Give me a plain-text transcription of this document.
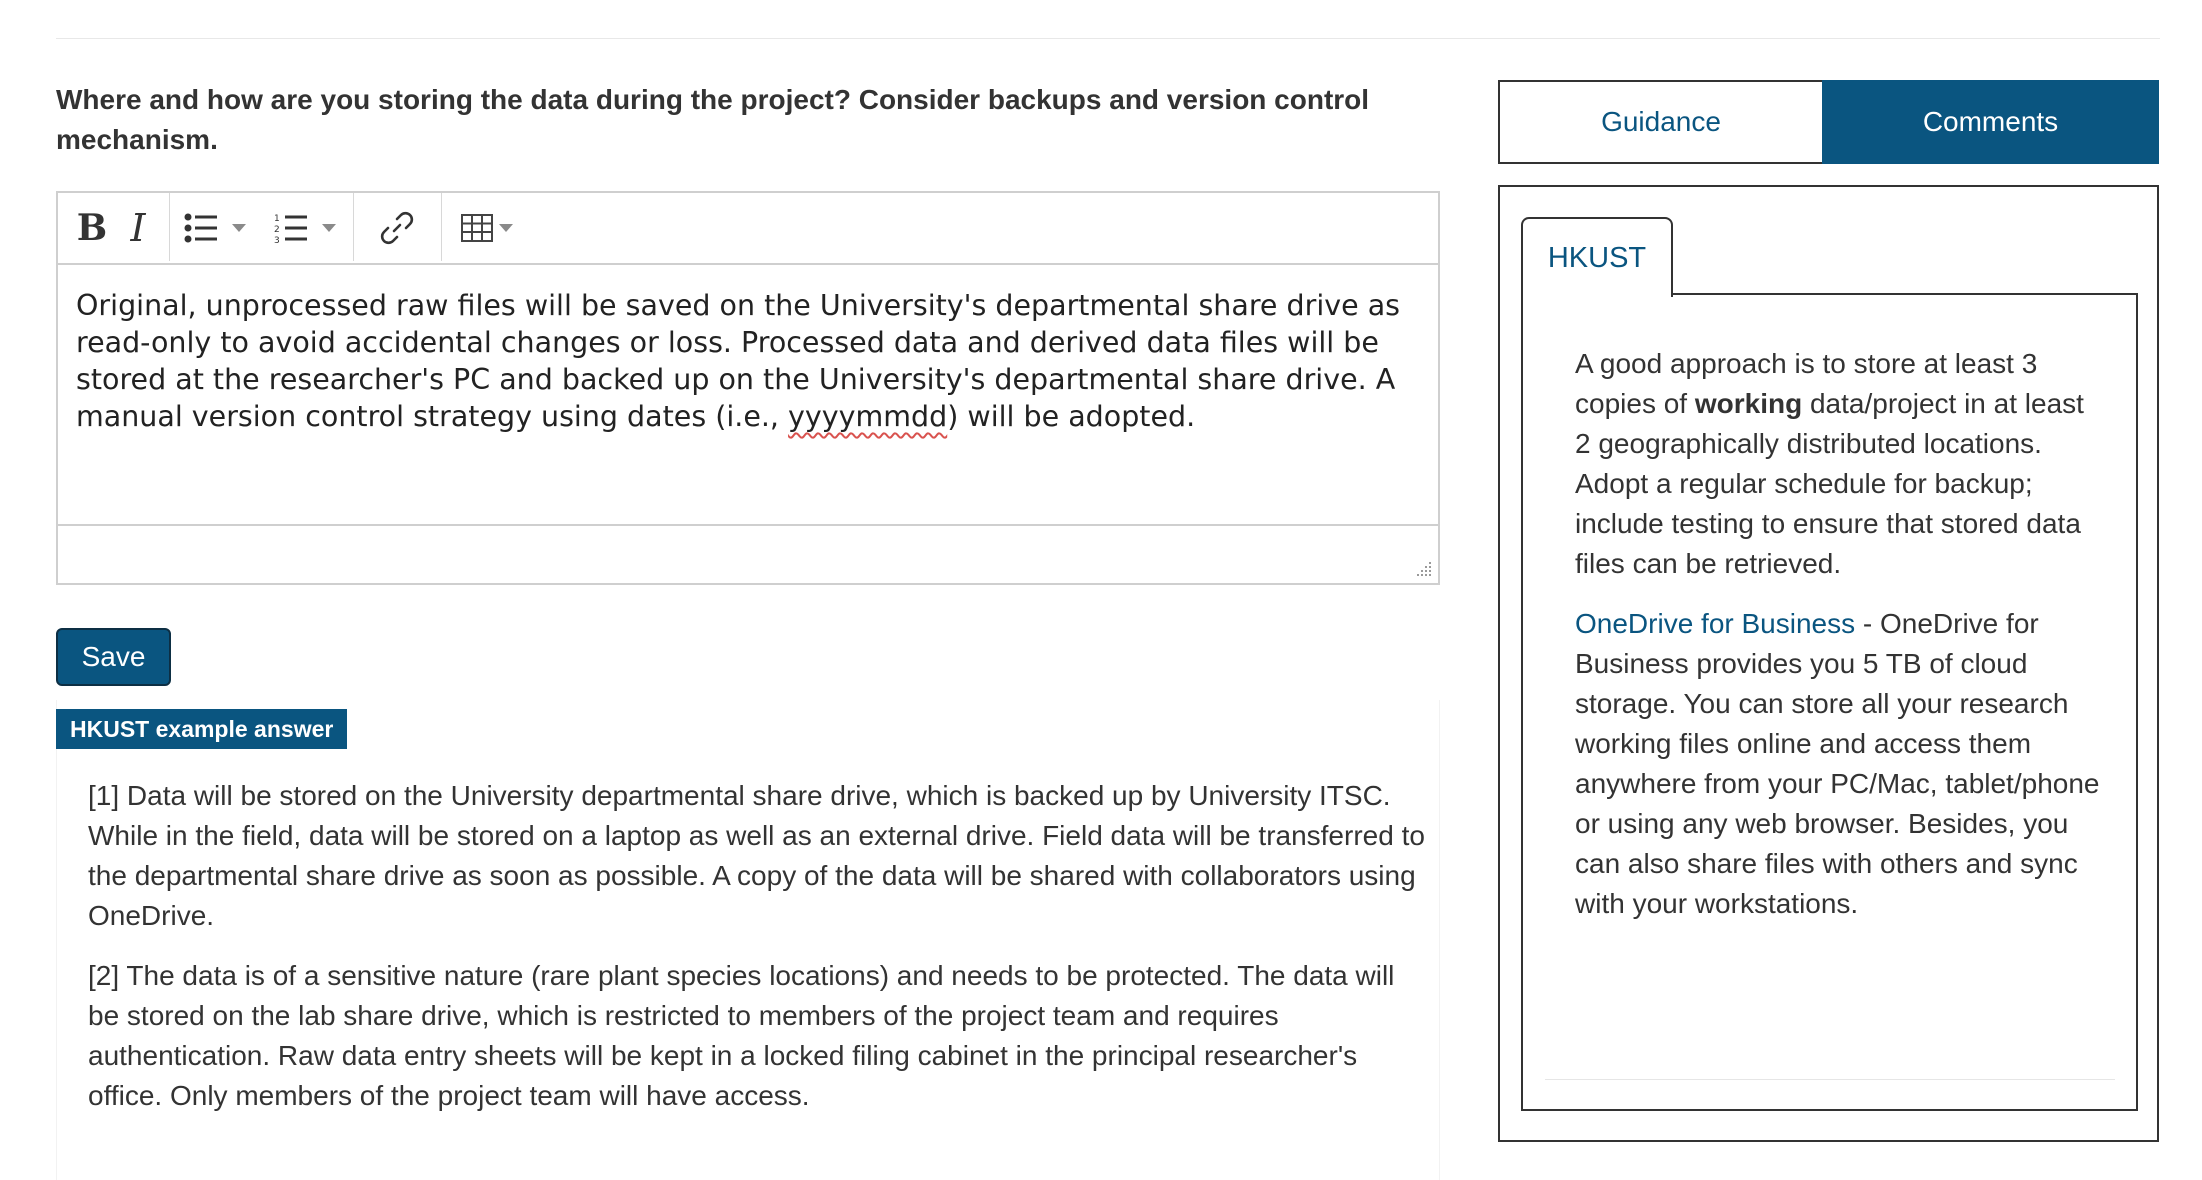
Where and how are you storing the data during the project? Consider backups and version control mechanism.
B I	1
2
3
Original, unprocessed raw files will be saved on the University's departmental share drive as read-only to avoid accidental changes or loss. Processed data and derived data files will be stored at the researcher's PC and backed up on the University's departmental share drive. A manual version control strategy using dates (i.e., yyyymmdd) will be adopted.
Save
HKUST example answer

[1] Data will be stored on the University departmental share drive, which is backed up by University ITSC. While in the field, data will be stored on a laptop as well as an external drive. Field data will be transferred to the departmental share drive as soon as possible. A copy of the data will be shared with collaborators using OneDrive.

[2] The data is of a sensitive nature (rare plant species locations) and needs to be protected. The data will be stored on the lab share drive, which is restricted to members of the project team and requires authentication. Raw data entry sheets will be kept in a locked filing cabinet in the principal researcher's office. Only members of the project team will have access.

Guidance	Comments
HKUST

A good approach is to store at least 3 copies of working data/project in at least 2 geographically distributed locations. Adopt a regular schedule for backup; include testing to ensure that stored data files can be retrieved.

OneDrive for Business - OneDrive for Business provides you 5 TB of cloud storage. You can store all your research working files online and access them anywhere from your PC/Mac, tablet/phone or using any web browser. Besides, you can also share files with others and sync with your workstations.
